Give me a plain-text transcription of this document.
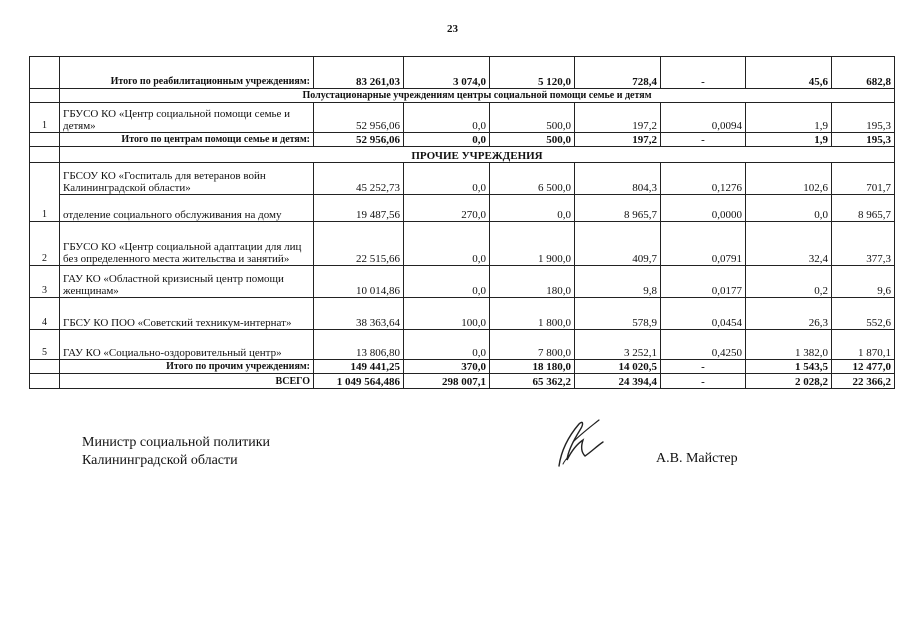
23
	Итого по реабилитационным учреждениям:	83 261,03	3 074,0	5 120,0	728,4	-	45,6	682,8
	Полустационарные учреждениям центры социальной помощи семье и детям							
1	ГБУСО КО «Центр социальной помощи семье и детям»	52 956,06	0,0	500,0	197,2	0,0094	1,9	195,3
	Итого по центрам помощи семье и детям:	52 956,06	0,0	500,0	197,2	-	1,9	195,3
	ПРОЧИЕ УЧРЕЖДЕНИЯ							
1	ГБСОУ КО «Госпиталь для ветеранов войн Калининградской области»	45 252,73	0,0	6 500,0	804,3	0,1276	102,6	701,7
	отделение социального обслуживания на дому	19 487,56	270,0	0,0	8 965,7	0,0000	0,0	8 965,7
2	ГБУСО КО «Центр социальной адаптации для лиц без определенного места жительства и занятий»	22 515,66	0,0	1 900,0	409,7	0,0791	32,4	377,3
3	ГАУ КО «Областной кризисный центр помощи женщинам»	10 014,86	0,0	180,0	9,8	0,0177	0,2	9,6
4	ГБСУ КО ПОО «Советский техникум-интернат»	38 363,64	100,0	1 800,0	578,9	0,0454	26,3	552,6
5	ГАУ КО «Социально-оздоровительный центр»	13 806,80	0,0	7 800,0	3 252,1	0,4250	1 382,0	1 870,1
	Итого по прочим учреждениям:	149 441,25	370,0	18 180,0	14 020,5	-	1 543,5	12 477,0
	ВСЕГО	1 049 564,486	298 007,1	65 362,2	24 394,4	-	2 028,2	22 366,2
Министр социальной политики
Калининградской области	А.В. Майстер
